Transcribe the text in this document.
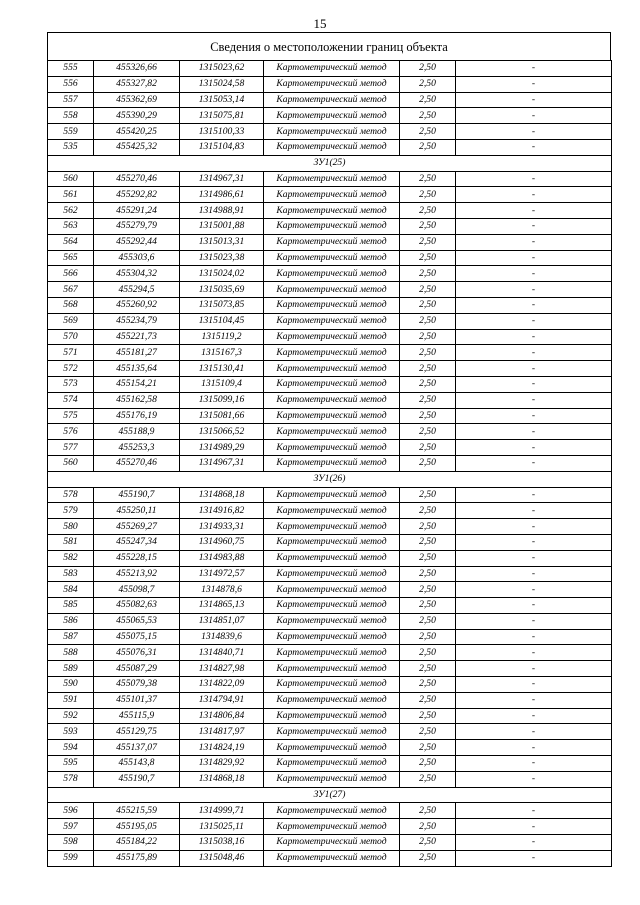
15
Сведения о местоположении границ объекта
555	455326,66	1315023,62	Картометрический метод	2,50	-
556	455327,82	1315024,58	Картометрический метод	2,50	-
557	455362,69	1315053,14	Картометрический метод	2,50	-
558	455390,29	1315075,81	Картометрический метод	2,50	-
559	455420,25	1315100,33	Картометрический метод	2,50	-
535	455425,32	1315104,83	Картометрический метод	2,50	-
ЗУ1(25)					
560	455270,46	1314967,31	Картометрический метод	2,50	-
561	455292,82	1314986,61	Картометрический метод	2,50	-
562	455291,24	1314988,91	Картометрический метод	2,50	-
563	455279,79	1315001,88	Картометрический метод	2,50	-
564	455292,44	1315013,31	Картометрический метод	2,50	-
565	455303,6	1315023,38	Картометрический метод	2,50	-
566	455304,32	1315024,02	Картометрический метод	2,50	-
567	455294,5	1315035,69	Картометрический метод	2,50	-
568	455260,92	1315073,85	Картометрический метод	2,50	-
569	455234,79	1315104,45	Картометрический метод	2,50	-
570	455221,73	1315119,2	Картометрический метод	2,50	-
571	455181,27	1315167,3	Картометрический метод	2,50	-
572	455135,64	1315130,41	Картометрический метод	2,50	-
573	455154,21	1315109,4	Картометрический метод	2,50	-
574	455162,58	1315099,16	Картометрический метод	2,50	-
575	455176,19	1315081,66	Картометрический метод	2,50	-
576	455188,9	1315066,52	Картометрический метод	2,50	-
577	455253,3	1314989,29	Картометрический метод	2,50	-
560	455270,46	1314967,31	Картометрический метод	2,50	-
ЗУ1(26)					
578	455190,7	1314868,18	Картометрический метод	2,50	-
579	455250,11	1314916,82	Картометрический метод	2,50	-
580	455269,27	1314933,31	Картометрический метод	2,50	-
581	455247,34	1314960,75	Картометрический метод	2,50	-
582	455228,15	1314983,88	Картометрический метод	2,50	-
583	455213,92	1314972,57	Картометрический метод	2,50	-
584	455098,7	1314878,6	Картометрический метод	2,50	-
585	455082,63	1314865,13	Картометрический метод	2,50	-
586	455065,53	1314851,07	Картометрический метод	2,50	-
587	455075,15	1314839,6	Картометрический метод	2,50	-
588	455076,31	1314840,71	Картометрический метод	2,50	-
589	455087,29	1314827,98	Картометрический метод	2,50	-
590	455079,38	1314822,09	Картометрический метод	2,50	-
591	455101,37	1314794,91	Картометрический метод	2,50	-
592	455115,9	1314806,84	Картометрический метод	2,50	-
593	455129,75	1314817,97	Картометрический метод	2,50	-
594	455137,07	1314824,19	Картометрический метод	2,50	-
595	455143,8	1314829,92	Картометрический метод	2,50	-
578	455190,7	1314868,18	Картометрический метод	2,50	-
ЗУ1(27)					
596	455215,59	1314999,71	Картометрический метод	2,50	-
597	455195,05	1315025,11	Картометрический метод	2,50	-
598	455184,22	1315038,16	Картометрический метод	2,50	-
599	455175,89	1315048,46	Картометрический метод	2,50	-
